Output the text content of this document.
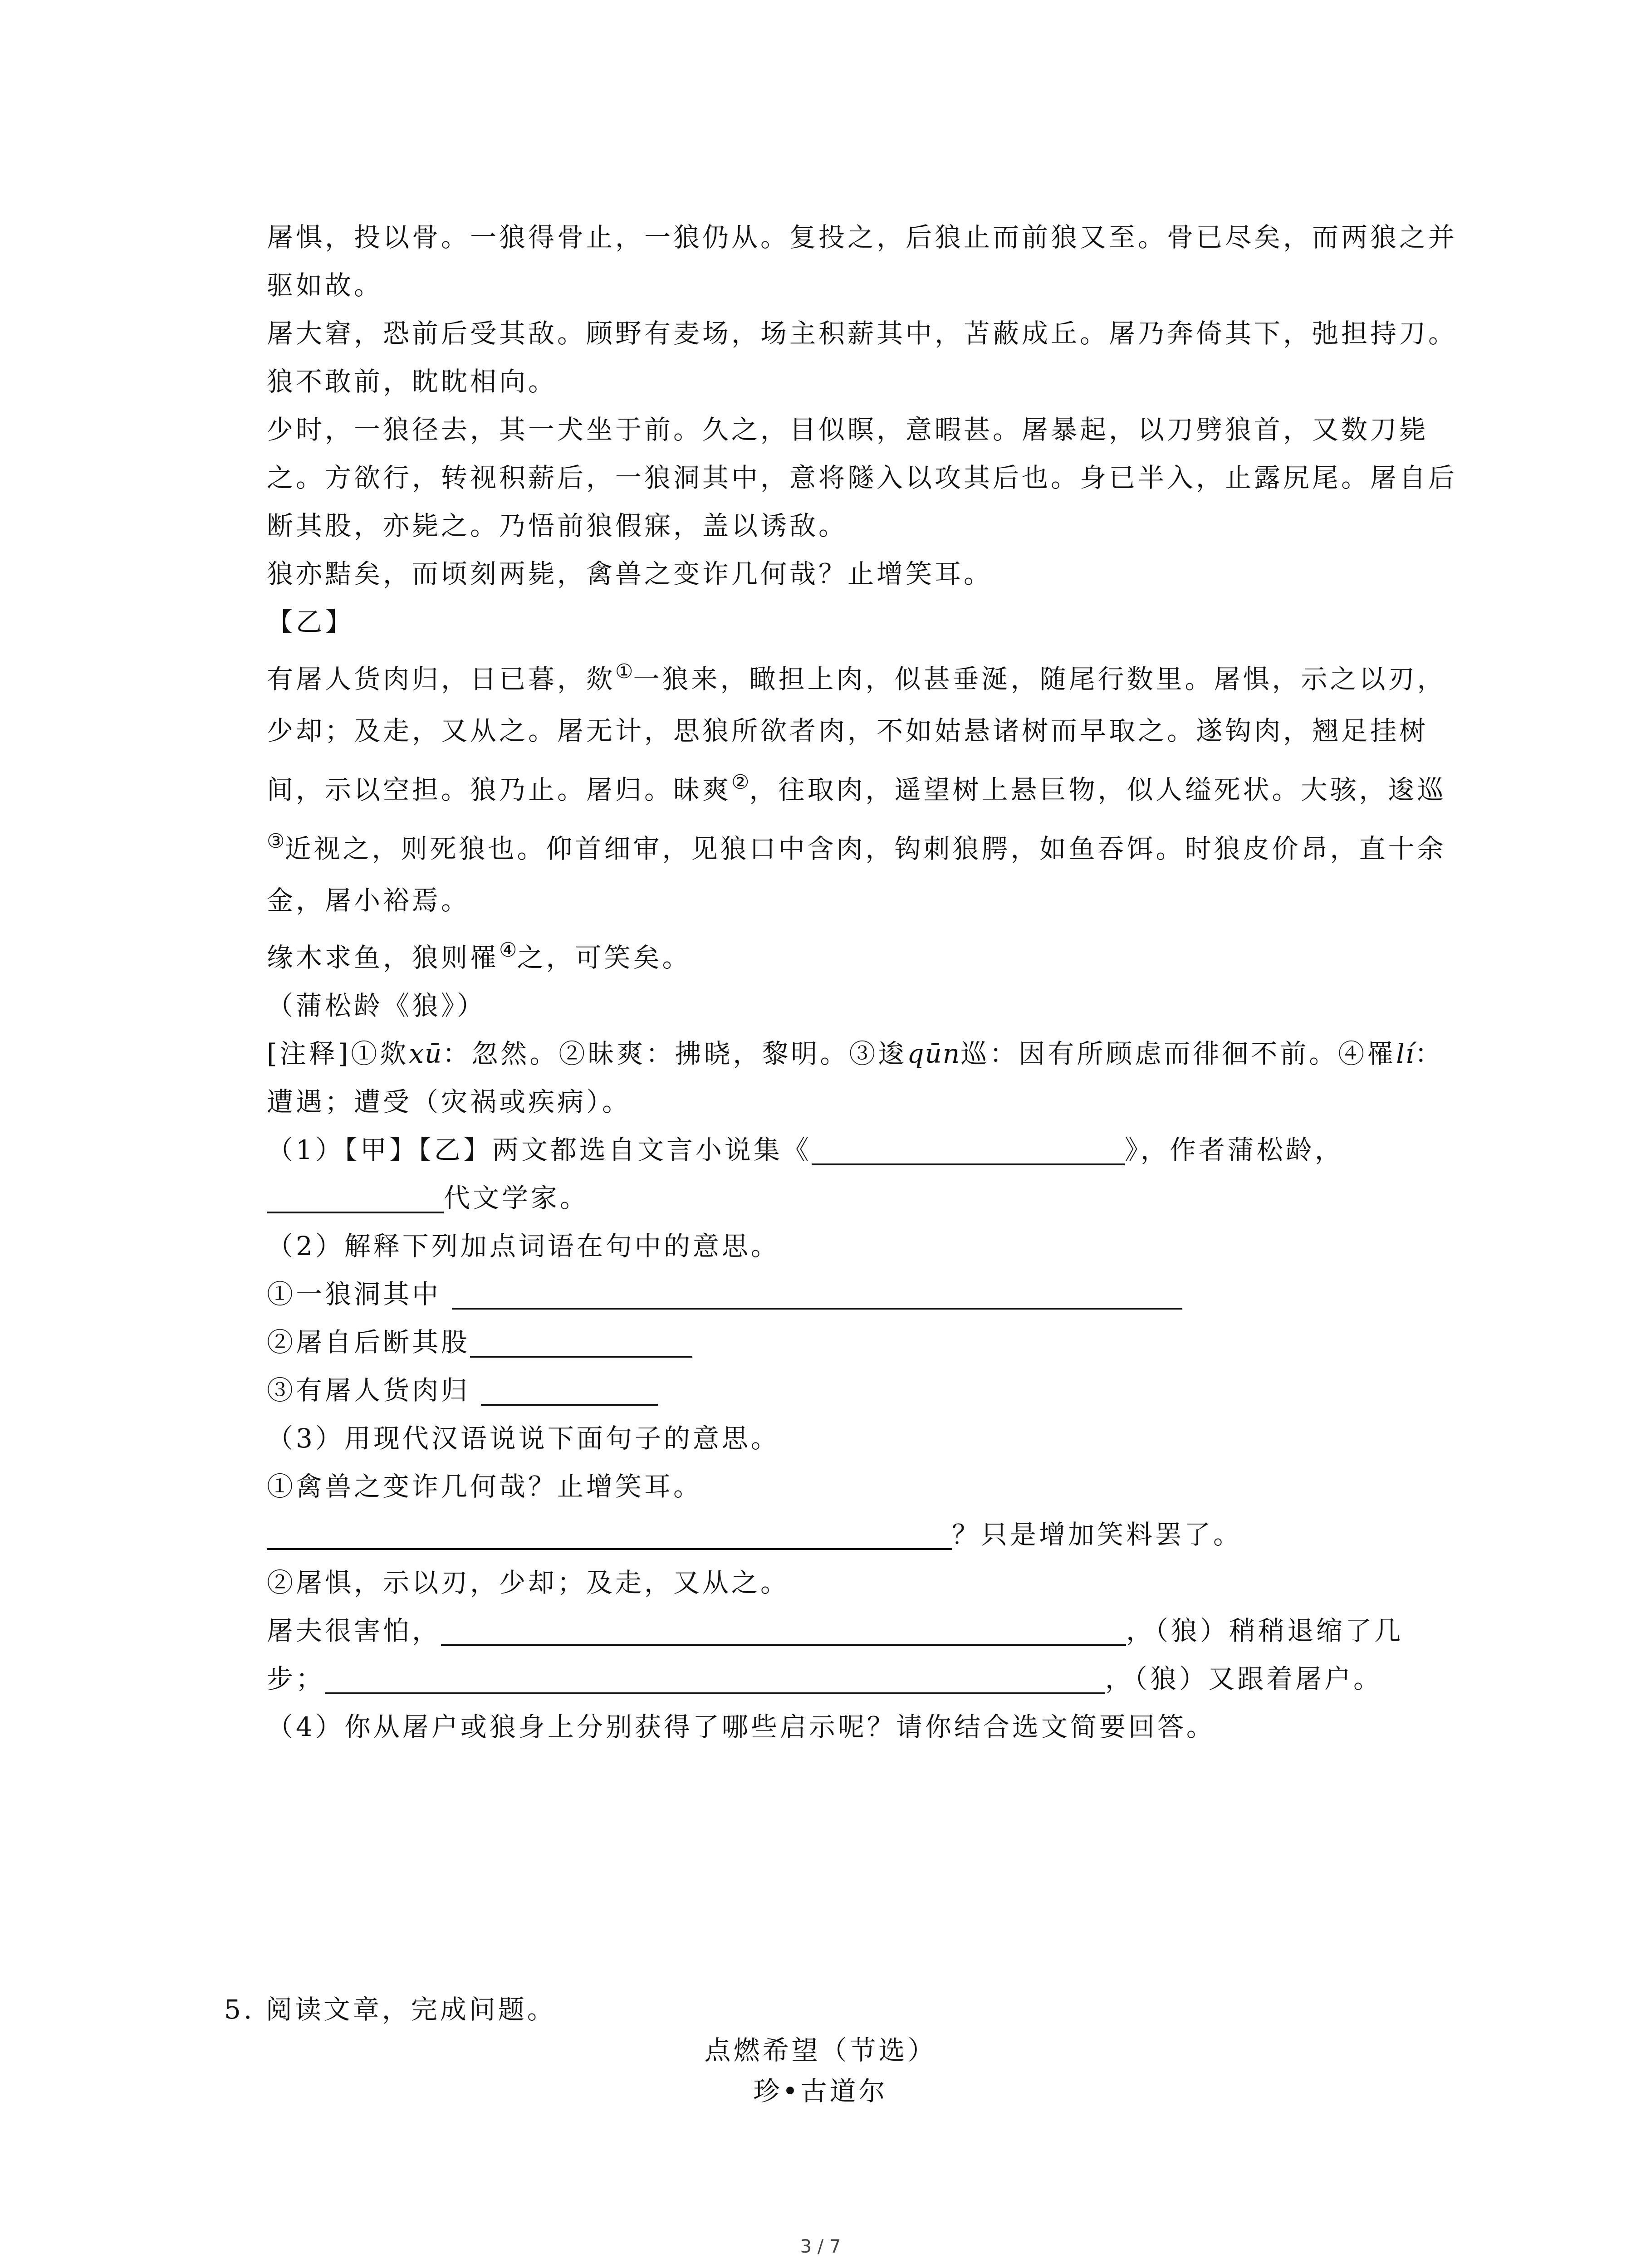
屠惧，投以骨。一狼得骨止，一狼仍从。复投之，后狼止而前狼又至。骨已尽矣，而两狼之并驱如故。

屠大窘，恐前后受其敌。顾野有麦场，场主积薪其中，苫蔽成丘。屠乃奔倚其下，弛担持刀。狼不敢前，眈眈相向。

少时，一狼径去，其一犬坐于前。久之，目似瞑，意暇甚。屠暴起，以刀劈狼首，又数刀毙之。方欲行，转视积薪后，一狼洞其中，意将隧入以攻其后也。身已半入，止露尻尾。屠自后断其股，亦毙之。乃悟前狼假寐，盖以诱敌。

狼亦黠矣，而顷刻两毙，禽兽之变诈几何哉？止增笑耳。

【乙】

有屠人货肉归，日已暮，欻①一狼来，瞰担上肉，似甚垂涎，随尾行数里。屠惧，示之以刃，少却；及走，又从之。屠无计，思狼所欲者肉，不如姑悬诸树而早取之。遂钩肉，翘足挂树间，示以空担。狼乃止。屠归。昧爽②，往取肉，遥望树上悬巨物，似人缢死状。大骇，逡巡③近视之，则死狼也。仰首细审，见狼口中含肉，钩刺狼腭，如鱼吞饵。时狼皮价昂，直十余金，屠小裕焉。

缘木求鱼，狼则罹④之，可笑矣。

（蒲松龄《狼》）

[注释]①欻xū：忽然。②昧爽：拂晓，黎明。③逡qūn巡：因有所顾虑而徘徊不前。④罹lí：遭遇；遭受（灾祸或疾病）。

（1）【甲】【乙】两文都选自文言小说集《	》，作者蒲松龄，
代文学家。

（2）解释下列加点词语在句中的意思。

①一狼洞其中

②屠自后断其股

③有屠人货肉归

（3）用现代汉语说说下面句子的意思。

①禽兽之变诈几何哉？止增笑耳。

？只是增加笑料罢了。

②屠惧，示以刃，少却；及走，又从之。

屠夫很害怕，	，（狼）稍稍退缩了几
步；	，（狼）又跟着屠户。

（4）你从屠户或狼身上分别获得了哪些启示呢？请你结合选文简要回答。

5. 阅读文章，完成问题。
点燃希望（节选）
珍•古道尔
3 / 7
